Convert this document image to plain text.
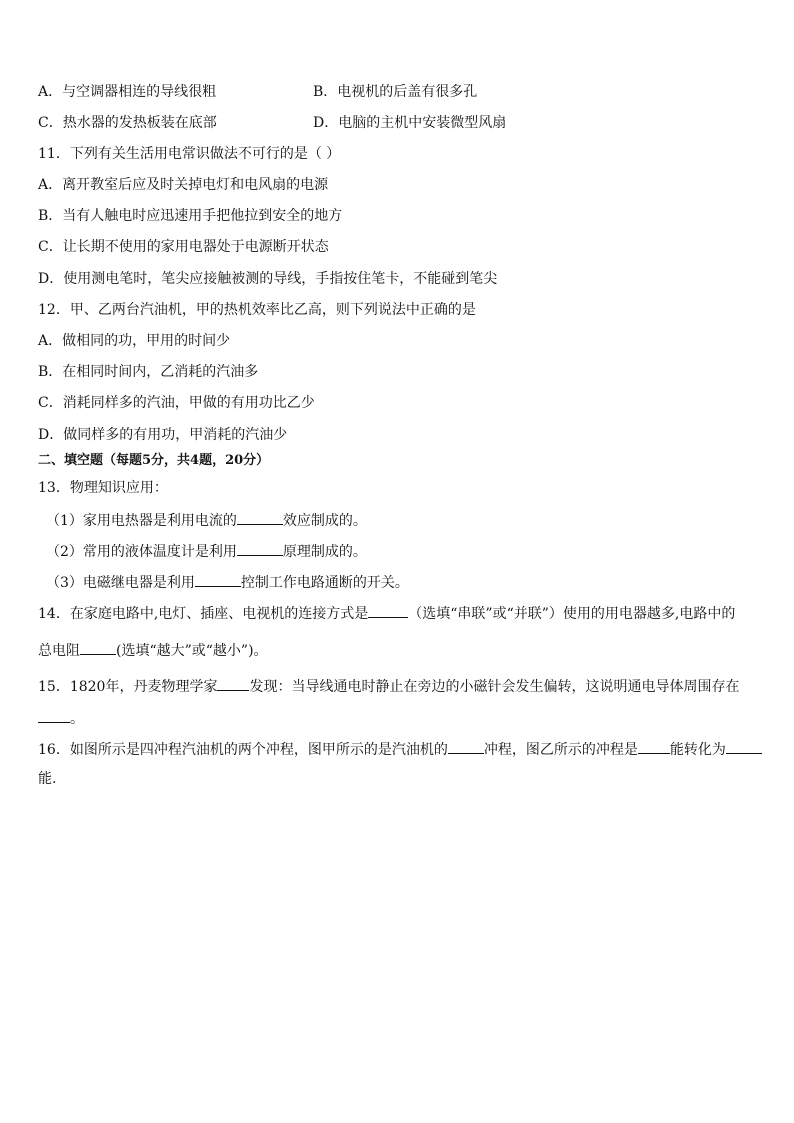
A．与空调器相连的导线很粗	B．电视机的后盖有很多孔
C．热水器的发热板装在底部	D．电脑的主机中安装微型风扇
11．下列有关生活用电常识做法不可行的是（ ）
A．离开教室后应及时关掉电灯和电风扇的电源
B．当有人触电时应迅速用手把他拉到安全的地方
C．让长期不使用的家用电器处于电源断开状态
D．使用测电笔时，笔尖应接触被测的导线，手指按住笔卡，不能碰到笔尖
12．甲、乙两台汽油机，甲的热机效率比乙高，则下列说法中正确的是
A．做相同的功，甲用的时间少
B．在相同时间内，乙消耗的汽油多
C．消耗同样多的汽油，甲做的有用功比乙少
D．做同样多的有用功，甲消耗的汽油少
二、填空题（每题5分，共4题，20分）
13．物理知识应用：
（1）家用电热器是利用电流的	效应制成的。
（2）常用的液体温度计是利用	原理制成的。
（3）电磁继电器是利用	控制工作电路通断的开关。
14．在家庭电路中,电灯、插座、电视机的连接方式是	（选填“串联”或“并联”）使用的用电器越多,电路中的
总电阻	(选填“越大”或“越小”)。
15．1820年，丹麦物理学家 发现：当导线通电时静止在旁边的小磁针会发生偏转，这说明通电导体周围存在
。
16．如图所示是四冲程汽油机的两个冲程，图甲所示的是汽油机的	冲程，图乙所示的冲程是 能转化为
能.
